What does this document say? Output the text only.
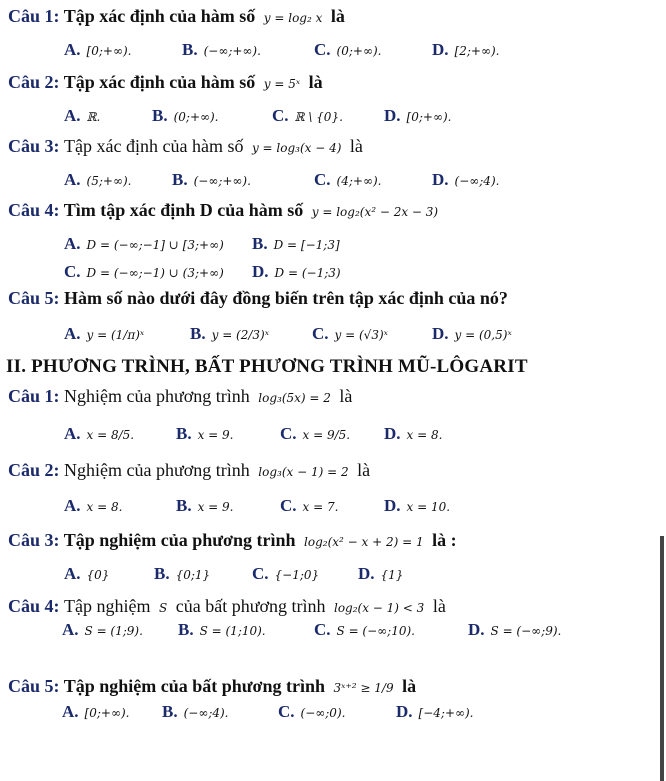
Câu 1: Tập xác định của hàm số y = log₂ x là
A. [0;+∞).	B. (−∞;+∞).	C. (0;+∞).	D. [2;+∞).
Câu 2: Tập xác định của hàm số y = 5ˣ là
A. ℝ.	B. (0;+∞).	C. ℝ \ {0}. D. [0;+∞).
Câu 3: Tập xác định của hàm số y = log₃(x − 4) là
A. (5;+∞). B. (−∞;+∞).	C. (4;+∞).	D. (−∞;4).
Câu 4: Tìm tập xác định D của hàm số y = log₂(x² − 2x − 3)
A. D = (−∞;−1] ∪ [3;+∞) B. D = [−1;3]
C. D = (−∞;−1) ∪ (3;+∞) D. D = (−1;3)
Câu 5: Hàm số nào dưới đây đồng biến trên tập xác định của nó?
A. y = (1/π)ˣ	B. y = (2/3)ˣ	C. y = (√3)ˣ	D. y = (0,5)ˣ
II. PHƯƠNG TRÌNH, BẤT PHƯƠNG TRÌNH MŨ-LÔGARIT
Câu 1: Nghiệm của phương trình log₃(5x) = 2 là
A. x = 8/5. B. x = 9.	C. x = 9/5. D. x = 8.
Câu 2: Nghiệm của phương trình log₃(x − 1) = 2 là
A. x = 8.	B. x = 9.	C. x = 7.	D. x = 10.
Câu 3: Tập nghiệm của phương trình log₂(x² − x + 2) = 1 là :
A. {0}	B. {0;1} C. {−1;0} D. {1}
Câu 4: Tập nghiệm S của bất phương trình log₂(x − 1) < 3 là
A. S = (1;9). B. S = (1;10).	C. S = (−∞;10).	D. S = (−∞;9).
Câu 5: Tập nghiệm của bất phương trình 3ˣ⁺² ≥ 1/9 là
A. [0;+∞). B. (−∞;4).	C. (−∞;0).	D. [−4;+∞).
